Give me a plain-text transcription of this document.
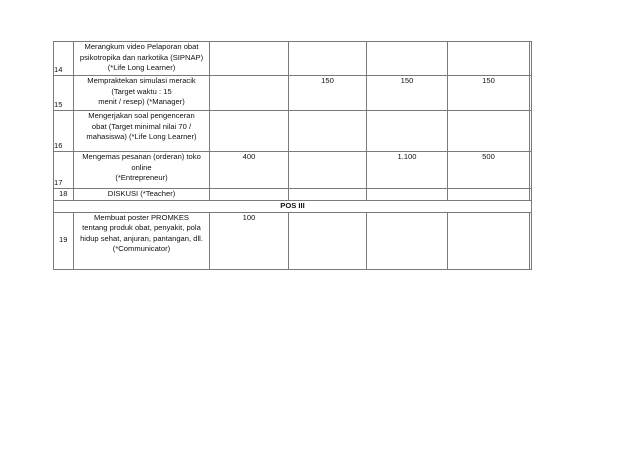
14	Merangkum video Pelaporan obat
psikotropika dan narkotika (SIPNAP)
(*Life Long Learner)					

15	Mempraktekan simulasi meracik
(Target waktu : 15
menit / resep) (*Manager)		150	150	150	
16	Mengerjakan soal pengenceran
obat (Target minimal nilai 70 /
mahasiswa) (*Life Long Learner)					

17	Mengemas pesanan (orderan) toko
online
(*Entrepreneur)	400		1.100	500	
18	DISKUSI (*Teacher)					

POS III						
19	Membuat poster PROMKES
tentang produk obat, penyakit, pola
hidup sehat, anjuran, pantangan, dll.
(*Communicator)	100				
